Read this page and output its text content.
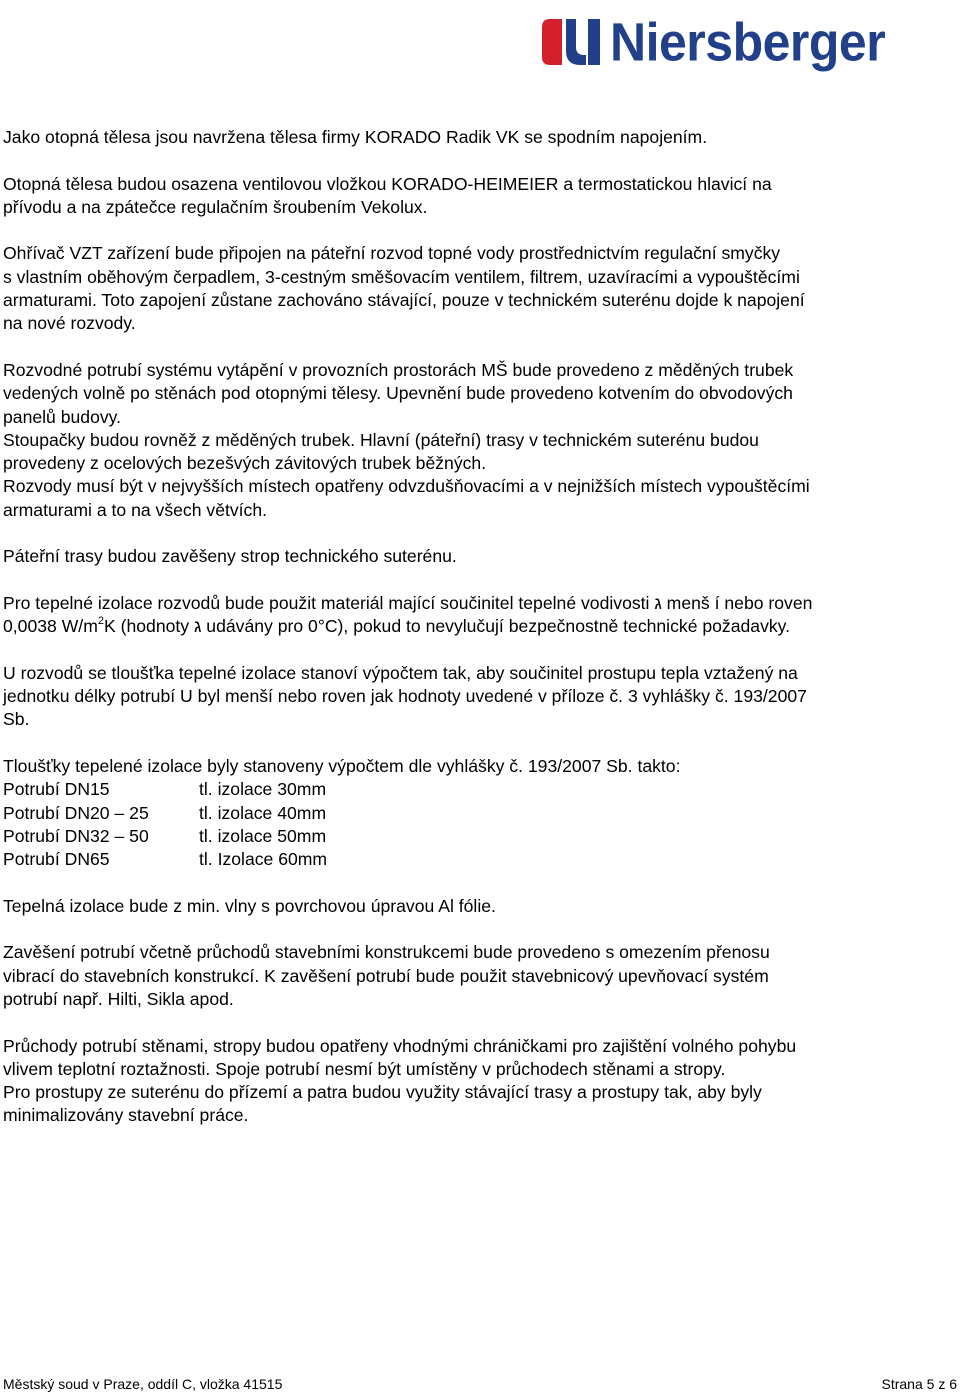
Niersberger

Jako otopná tělesa jsou navržena tělesa firmy KORADO Radik VK se spodním napojením.

Otopná tělesa budou osazena ventilovou vložkou KORADO-HEIMEIER a termostatickou hlavicí na
přívodu a na zpátečce regulačním šroubením Vekolux.

Ohřívač VZT zařízení bude připojen na páteřní rozvod topné vody prostřednictvím regulační smyčky
s vlastním oběhovým čerpadlem, 3-cestným směšovacím ventilem, filtrem, uzavíracími a vypouštěcími
armaturami. Toto zapojení zůstane zachováno stávající, pouze v technickém suterénu dojde k napojení
na nové rozvody.

Rozvodné potrubí systému vytápění v provozních prostorách MŠ bude provedeno z měděných trubek
vedených volně po stěnách pod otopnými tělesy. Upevnění bude provedeno kotvením do obvodových
panelů budovy.
Stoupačky budou rovněž z měděných trubek. Hlavní (páteřní) trasy v technickém suterénu budou
provedeny z ocelových bezešvých závitových trubek běžných.
Rozvody musí být v nejvyšších místech opatřeny odvzdušňovacími a v nejnižších místech vypouštěcími
armaturami a to na všech větvích.

Páteřní trasy budou zavěšeny strop technického suterénu.

Pro tepelné izolace rozvodů bude použit materiál mající součinitel tepelné vodivosti ג menš í nebo roven
0,0038 $W/m^2K$ (hodnoty ג udávány pro 0°C), pokud to nevylučují bezpečnostně technické požadavky.

U rozvodů se tloušťka tepelné izolace stanoví výpočtem tak, aby součinitel prostupu tepla vztažený na
jednotku délky potrubí U byl menší nebo roven jak hodnoty uvedené v příloze č. 3 vyhlášky č. 193/2007
Sb.

Tloušťky tepelené izolace byly stanoveny výpočtem dle vyhlášky č. 193/2007 Sb. takto:
Potrubí DN15	tl. izolace 30mm
Potrubí DN20 – 25	tl. izolace 40mm
Potrubí DN32 – 50	tl. izolace 50mm
Potrubí DN65	tl. Izolace 60mm

Tepelná izolace bude z min. vlny s povrchovou úpravou Al fólie.

Zavěšení potrubí včetně průchodů stavebními konstrukcemi bude provedeno s omezením přenosu
vibrací do stavebních konstrukcí. K zavěšení potrubí bude použit stavebnicový upevňovací systém
potrubí např. Hilti, Sikla apod.

Průchody potrubí stěnami, stropy budou opatřeny vhodnými chráničkami pro zajištění volného pohybu
vlivem teplotní roztažnosti. Spoje potrubí nesmí být umístěny v průchodech stěnami a stropy.
Pro prostupy ze suterénu do přízemí a patra budou využity stávající trasy a prostupy tak, aby byly
minimalizovány stavební práce.

Městský soud v Praze, oddíl C, vložka 41515	Strana 5 z 6
